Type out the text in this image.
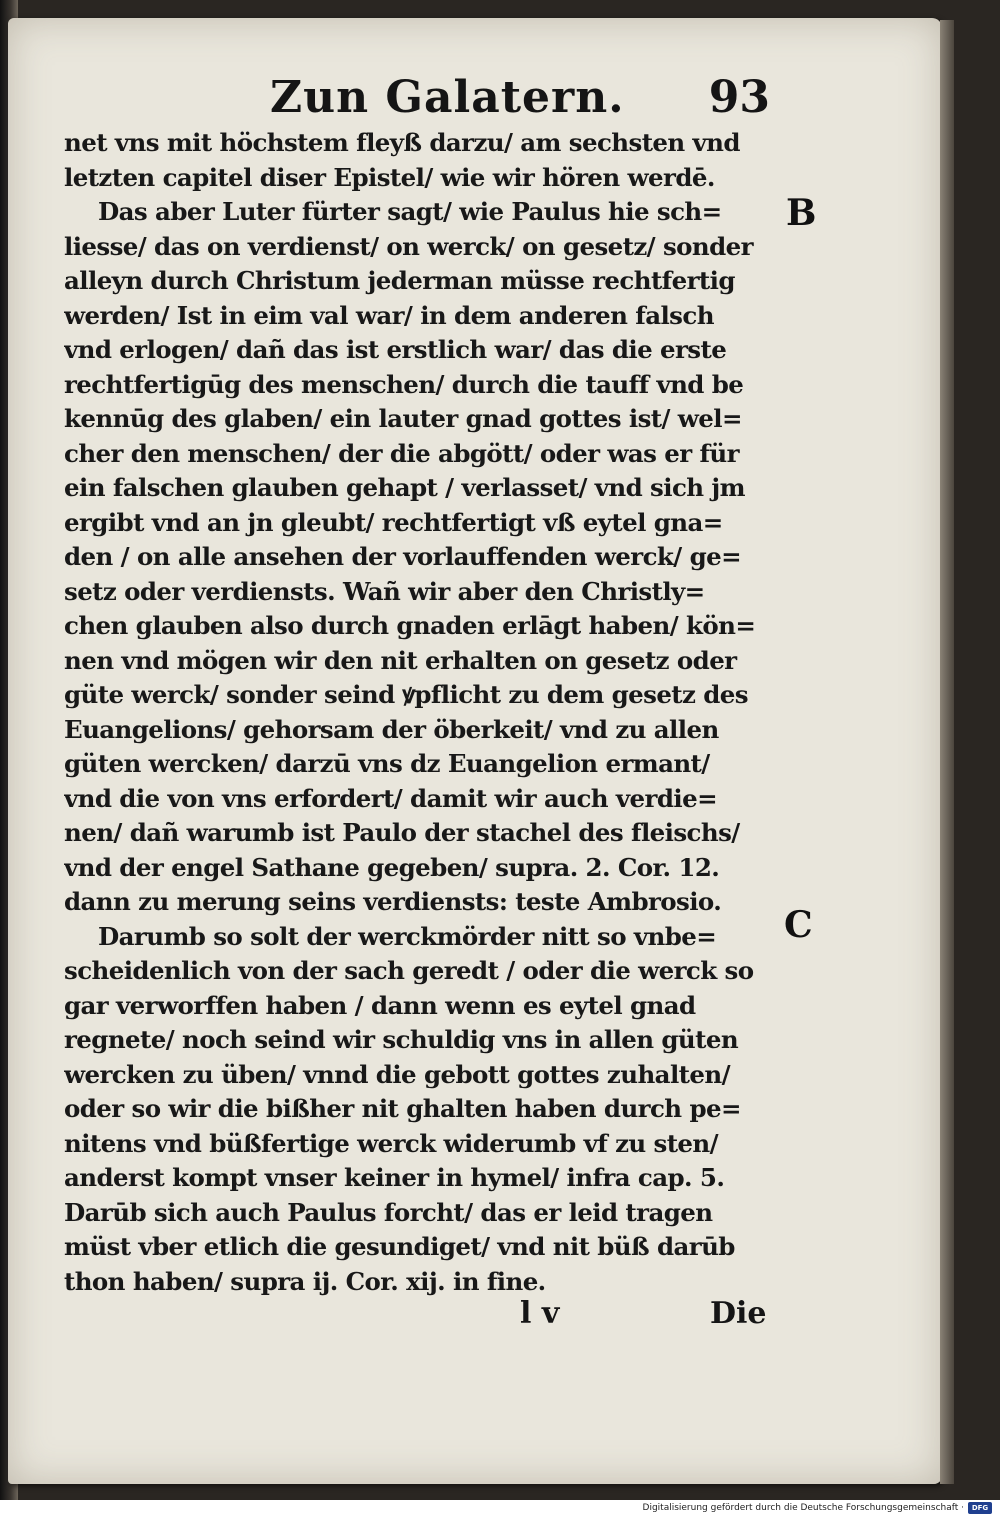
Zun Galatern. 93
net vns mit höchstem fleyß darzu/ am sechsten vnd
letzten capitel diser Epistel/ wie wir hören werdē.
Das aber Luter fürter sagt/ wie Paulus hie sch=
liesse/ das on verdienst/ on werck/ on gesetz/ sonder
alleyn durch Christum jederman müsse rechtfertig
werden/ Ist in eim val war/ in dem anderen falsch
vnd erlogen/ dañ das ist erstlich war/ das die erste
rechtfertigūg des menschen/ durch die tauff vnd be
kennūg des glaben/ ein lauter gnad gottes ist/ wel=
cher den menschen/ der die abgött/ oder was er für
ein falschen glauben gehapt / verlasset/ vnd sich jm
ergibt vnd an jn gleubt/ rechtfertigt vß eytel gna=
den / on alle ansehen der vorlauffenden werck/ ge=
setz oder verdiensts. Wañ wir aber den Christly=
chen glauben also durch gnaden erlāgt haben/ kön=
nen vnd mögen wir den nit erhalten on gesetz oder
güte werck/ sonder seind ꝟpflicht zu dem gesetz des
Euangelions/ gehorsam der öberkeit/ vnd zu allen
güten wercken/ darzū vns dz Euangelion ermant/
vnd die von vns erfordert/ damit wir auch verdie=
nen/ dañ warumb ist Paulo der stachel des fleischs/
vnd der engel Sathane gegeben/ supra. 2. Cor. 12.
dann zu merung seins verdiensts: teste Ambrosio.
Darumb so solt der werckmörder nitt so vnbe=
scheidenlich von der sach geredt / oder die werck so
gar verworffen haben / dann wenn es eytel gnad
regnete/ noch seind wir schuldig vns in allen güten
wercken zu üben/ vnnd die gebott gottes zuhalten/
oder so wir die bißher nit ghalten haben durch pe=
nitens vnd büßfertige werck widerumb vf zu sten/
anderst kompt vnser keiner in hymel/ infra cap. 5.
Darūb sich auch Paulus forcht/ das er leid tragen
müst vber etlich die gesundiget/ vnd nit büß darūb
thon haben/ supra ij. Cor. xij. in fine.
B
C
l v	Die
Digitalisierung gefördert durch die Deutsche Forschungsgemeinschaft ·	DFG
